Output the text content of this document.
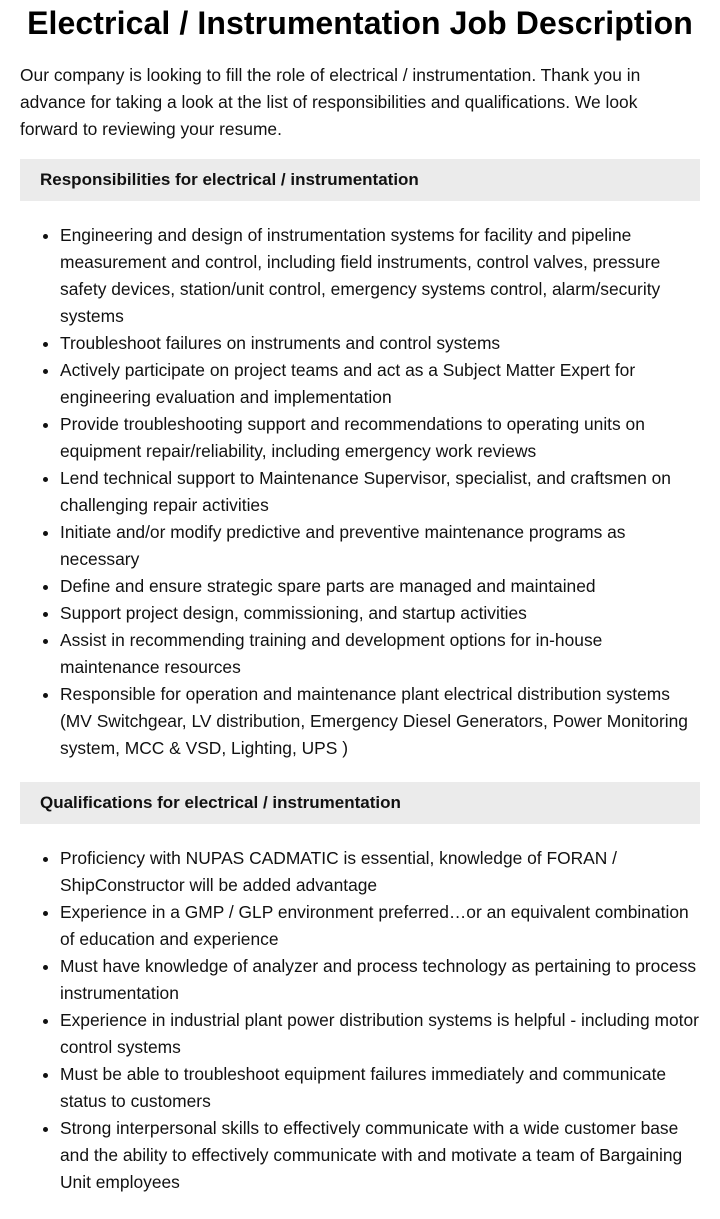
Electrical / Instrumentation Job Description

Our company is looking to fill the role of electrical / instrumentation. Thank you in advance for taking a look at the list of responsibilities and qualifications. We look forward to reviewing your resume.

Responsibilities for electrical / instrumentation
• Engineering and design of instrumentation systems for facility and pipeline measurement and control, including field instruments, control valves, pressure safety devices, station/unit control, emergency systems control, alarm/security systems
• Troubleshoot failures on instruments and control systems
• Actively participate on project teams and act as a Subject Matter Expert for engineering evaluation and implementation
• Provide troubleshooting support and recommendations to operating units on equipment repair/reliability, including emergency work reviews
• Lend technical support to Maintenance Supervisor, specialist, and craftsmen on challenging repair activities
• Initiate and/or modify predictive and preventive maintenance programs as necessary
• Define and ensure strategic spare parts are managed and maintained
• Support project design, commissioning, and startup activities
• Assist in recommending training and development options for in-house maintenance resources
• Responsible for operation and maintenance plant electrical distribution systems (MV Switchgear, LV distribution, Emergency Diesel Generators, Power Monitoring system, MCC & VSD, Lighting, UPS )
Qualifications for electrical / instrumentation
• Proficiency with NUPAS CADMATIC is essential, knowledge of FORAN / ShipConstructor will be added advantage
• Experience in a GMP / GLP environment preferred…or an equivalent combination of education and experience
• Must have knowledge of analyzer and process technology as pertaining to process instrumentation
• Experience in industrial plant power distribution systems is helpful - including motor control systems
• Must be able to troubleshoot equipment failures immediately and communicate status to customers
• Strong interpersonal skills to effectively communicate with a wide customer base and the ability to effectively communicate with and motivate a team of Bargaining Unit employees
